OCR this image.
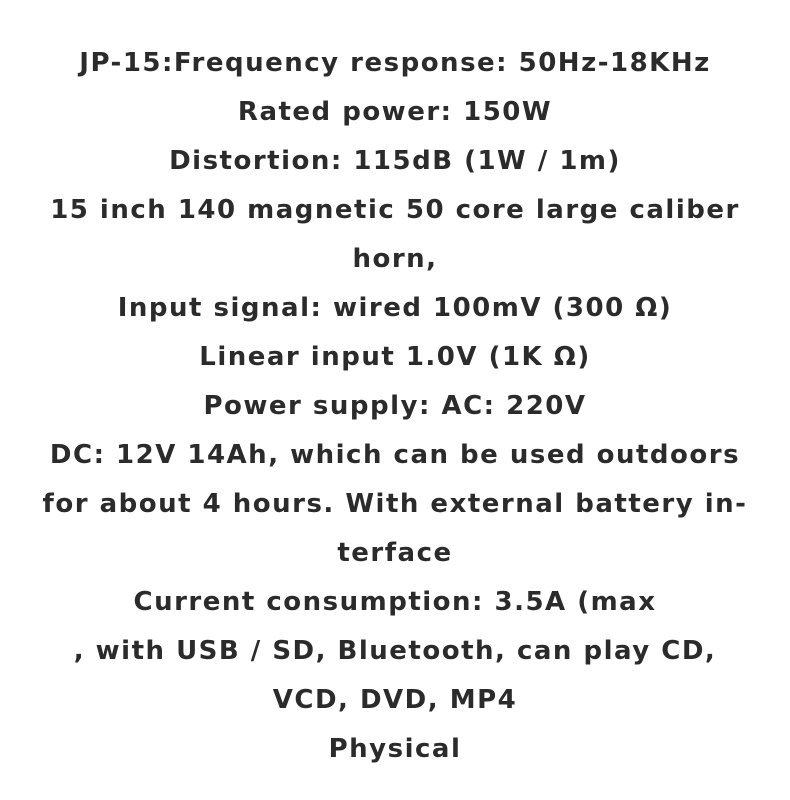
JP-15:Frequency response: 50Hz-18KHz
Rated power: 150W
Distortion: 115dB (1W / 1m)
15 inch 140 magnetic 50 core large caliber
horn,
Input signal: wired 100mV (300 Ω)
Linear input 1.0V (1K Ω)
Power supply: AC: 220V
DC: 12V 14Ah, which can be used outdoors
for about 4 hours. With external battery in-
terface
Current consumption: 3.5A (max
, with USB / SD, Bluetooth, can play CD,
VCD, DVD, MP4
Physical
